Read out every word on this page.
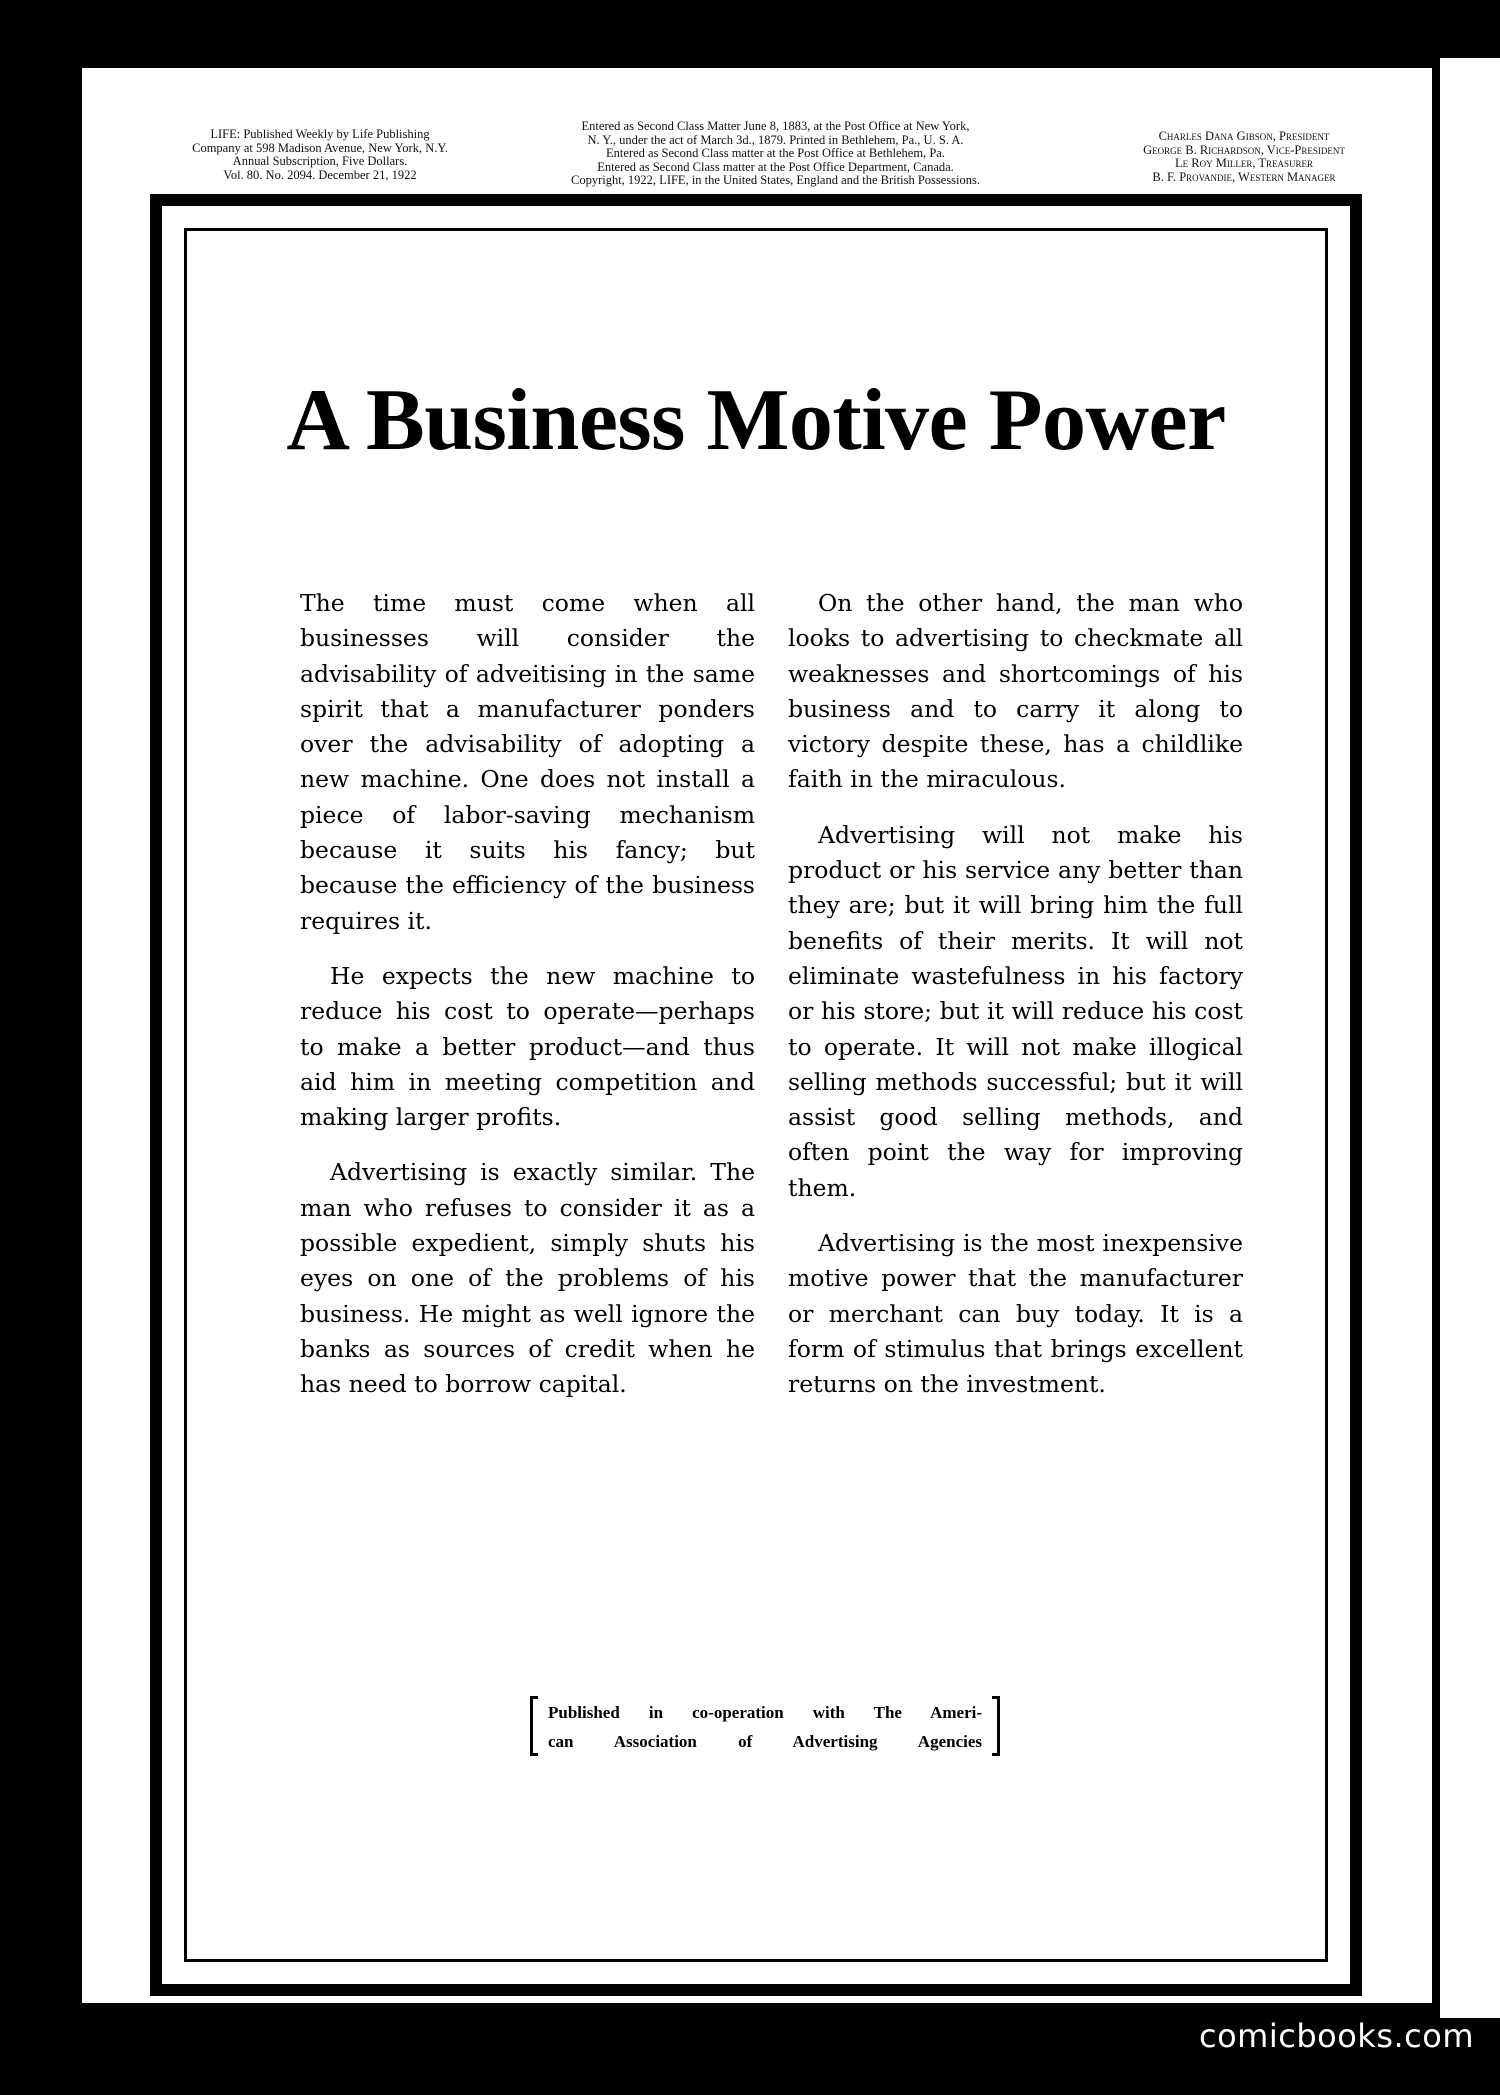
LIFE: Published Weekly by Life Publishing
Company at 598 Madison Avenue, New York, N.Y.
Annual Subscription, Five Dollars.
Vol. 80. No. 2094. December 21, 1922
Entered as Second Class Matter June 8, 1883, at the Post Office at New York,
N. Y., under the act of March 3d., 1879. Printed in Bethlehem, Pa., U. S. A.
Entered as Second Class matter at the Post Office at Bethlehem, Pa.
Entered as Second Class matter at the Post Office Department, Canada.
Copyright, 1922, LIFE, in the United States, England and the British Possessions.
Charles Dana Gibson, President
George B. Richardson, Vice-President
Le Roy Miller, Treasurer
B. F. Provandie, Western Manager
A Business Motive Power

The time must come when all businesses will consider the advisability of adveitising in the same spirit that a manufacturer ponders over the advisability of adopting a new machine. One does not install a piece of labor-saving mechanism because it suits his fancy; but because the efficiency of the business requires it.

He expects the new machine to reduce his cost to operate—perhaps to make a better product—and thus aid him in meeting competition and making larger profits.

Advertising is exactly similar. The man who refuses to consider it as a possible expedient, simply shuts his eyes on one of the problems of his business. He might as well ignore the banks as sources of credit when he has need to borrow capital.

On the other hand, the man who looks to advertising to checkmate all weaknesses and shortcomings of his business and to carry it along to victory despite these, has a childlike faith in the miraculous.

Advertising will not make his product or his service any better than they are; but it will bring him the full benefits of their merits. It will not eliminate wastefulness in his factory or his store; but it will reduce his cost to operate. It will not make illogical selling methods successful; but it will assist good selling methods, and often point the way for improving them.

Advertising is the most inexpensive motive power that the manufacturer or merchant can buy today. It is a form of stimulus that brings excellent returns on the investment.

Published in co-operation with The Ameri-
can Association of Advertising Agencies
comicbooks.com
